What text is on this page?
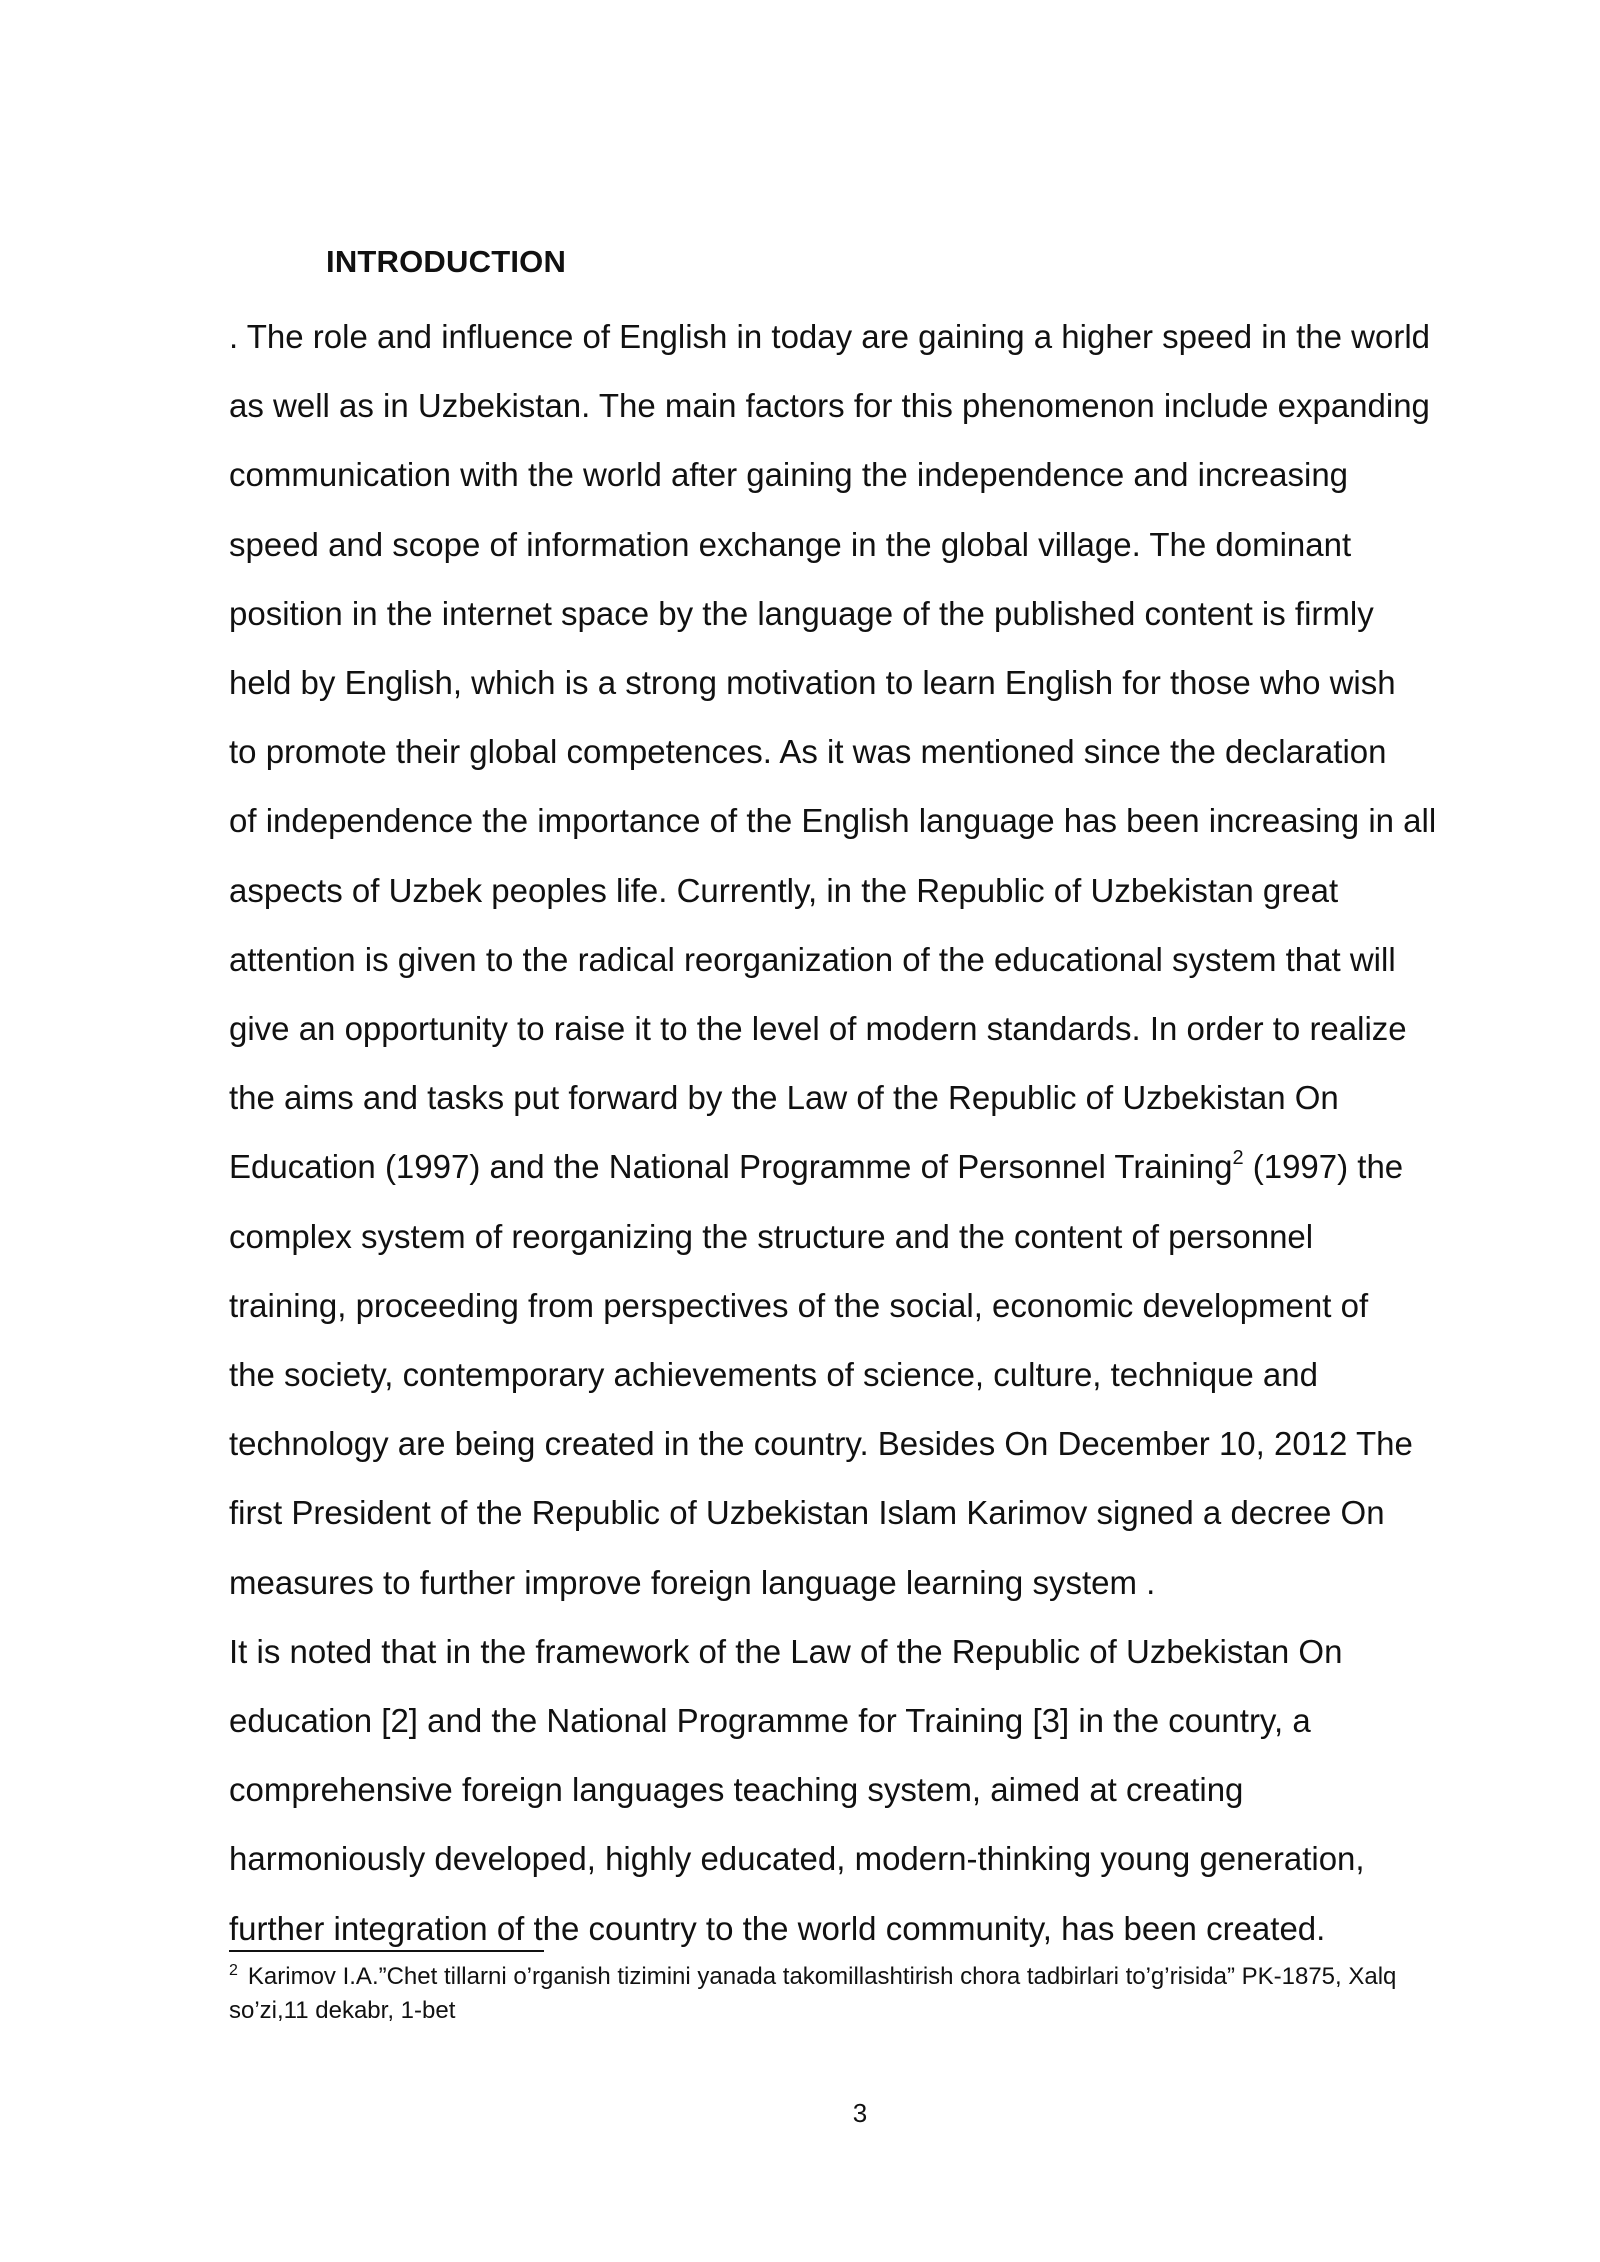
INTRODUCTION

. The role and influence of English in today are gaining a higher speed in the world
as well as in Uzbekistan. The main factors for this phenomenon include expanding
communication with the world after gaining the independence and increasing
speed and scope of information exchange in the global village. The dominant
position in the internet space by the language of the published content is firmly
held by English, which is a strong motivation to learn English for those who wish
to promote their global competences. As it was mentioned since the declaration
of independence the importance of the English language has been increasing in all
aspects of Uzbek peoples life. Currently, in the Republic of Uzbekistan great
attention is given to the radical reorganization of the educational system that will
give an opportunity to raise it to the level of modern standards. In order to realize
the aims and tasks put forward by the Law of the Republic of Uzbekistan On
Education (1997) and the National Programme of Personnel Training$^2$ (1997) the
complex system of reorganizing the structure and the content of personnel
training, proceeding from perspectives of the social, economic development of
the society, contemporary achievements of science, culture, technique and
technology are being created in the country. Besides On December 10, 2012 The
first President of the Republic of Uzbekistan Islam Karimov signed a decree On
measures to further improve foreign language learning system .

It is noted that in the framework of the Law of the Republic of Uzbekistan On
education [2] and the National Programme for Training [3] in the country, a
comprehensive foreign languages teaching system, aimed at creating
harmoniously developed, highly educated, modern-thinking young generation,
further integration of the country to the world community, has been created.

$^2$ Karimov I.A.”Chet tillarni o’rganish tizimini yanada takomillashtirish chora tadbirlari to’g’risida” PK-1875, Xalq
so’zi,11 dekabr, 1-bet
3
